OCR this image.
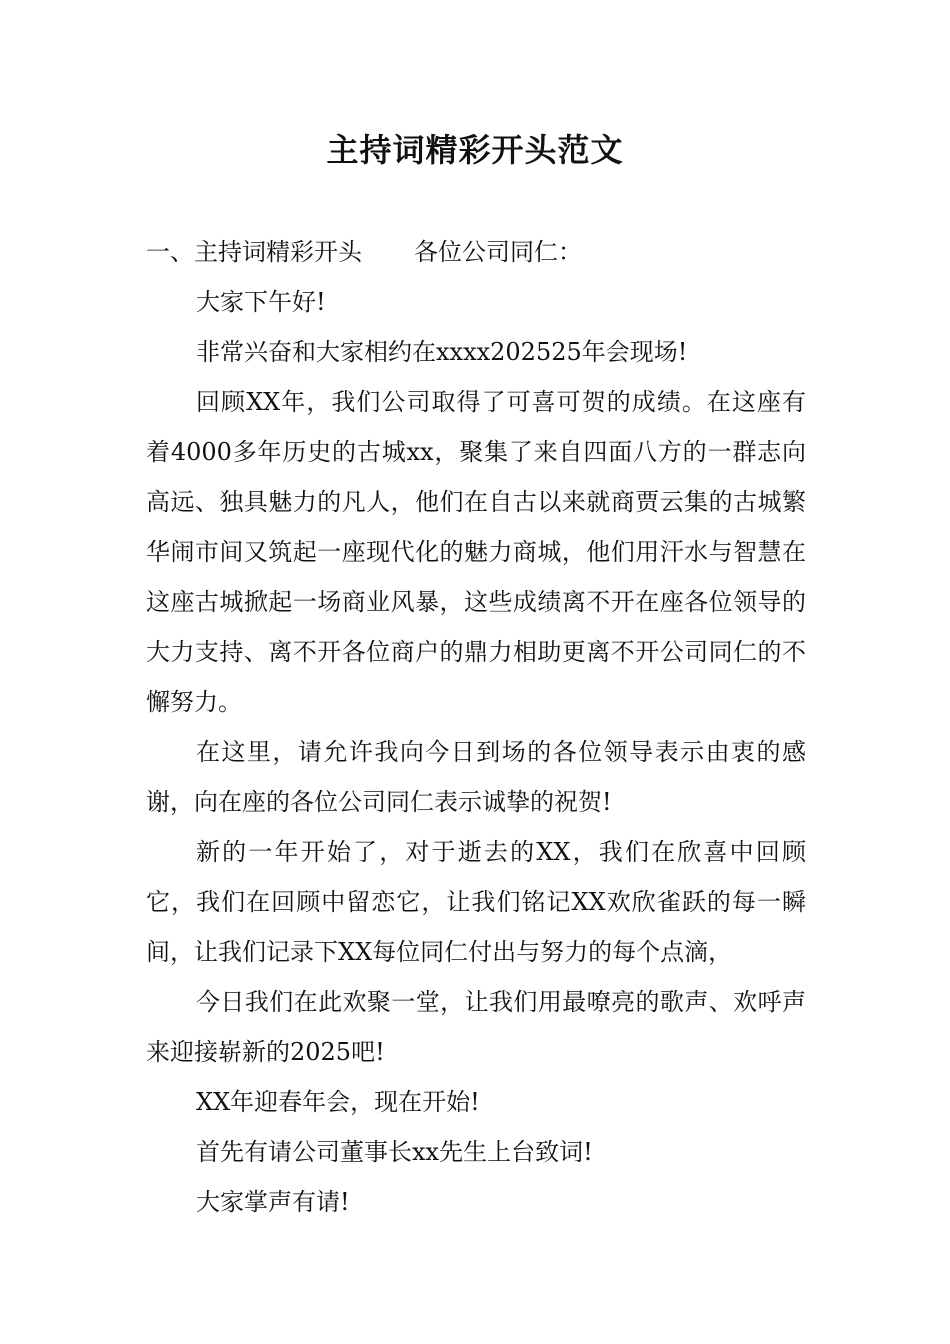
主持词精彩开头范文

一、主持词精彩开头 各位公司同仁：

大家下午好!

非常兴奋和大家相约在xxxx202525年会现场!

回顾XX年，我们公司取得了可喜可贺的成绩。在这座有着4000多年历史的古城xx，聚集了来自四面八方的一群志向高远、独具魅力的凡人，他们在自古以来就商贾云集的古城繁华闹市间又筑起一座现代化的魅力商城，他们用汗水与智慧在这座古城掀起一场商业风暴，这些成绩离不开在座各位领导的大力支持、离不开各位商户的鼎力相助更离不开公司同仁的不懈努力。

在这里，请允许我向今日到场的各位领导表示由衷的感谢，向在座的各位公司同仁表示诚挚的祝贺!

新的一年开始了，对于逝去的XX，我们在欣喜中回顾它，我们在回顾中留恋它，让我们铭记XX欢欣雀跃的每一瞬间，让我们记录下XX每位同仁付出与努力的每个点滴，

今日我们在此欢聚一堂，让我们用最嘹亮的歌声、欢呼声来迎接崭新的2025吧!

XX年迎春年会，现在开始!

首先有请公司董事长xx先生上台致词!

大家掌声有请!
